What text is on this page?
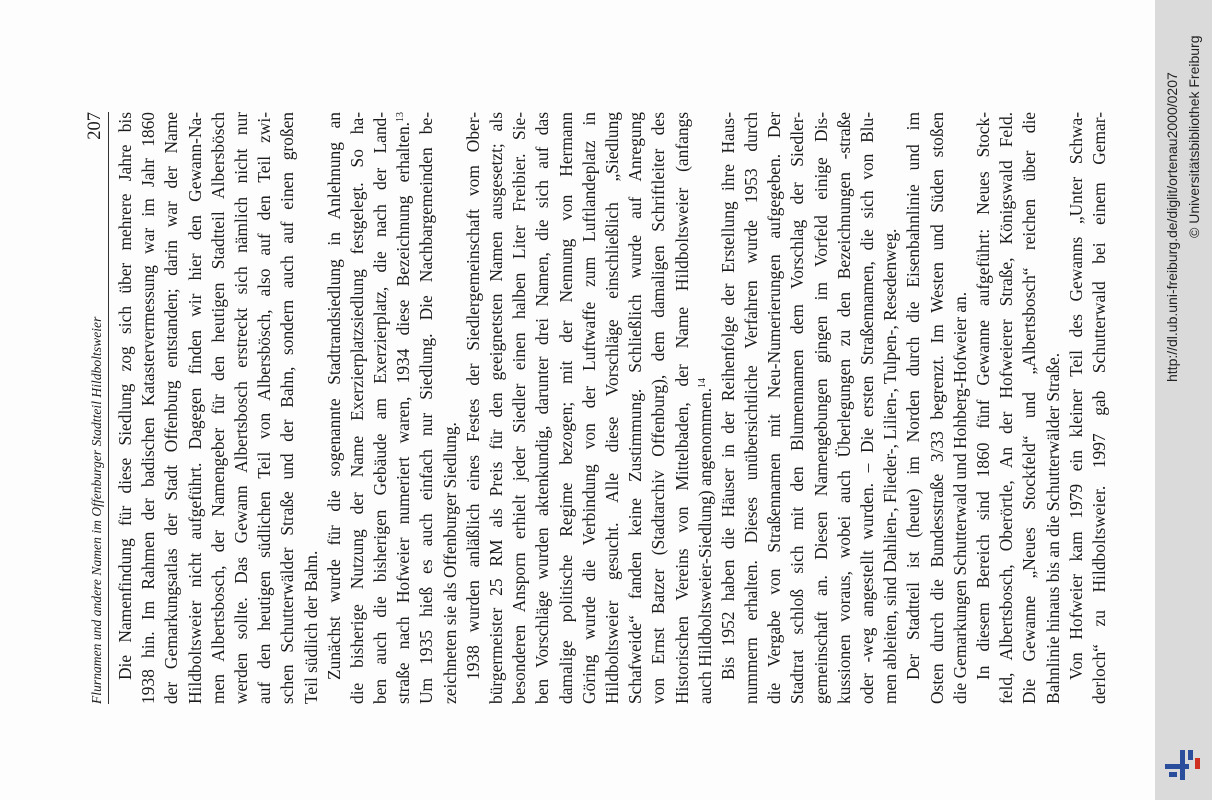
Flurnamen und andere Namen im Offenburger Stadtteil Hildboltsweier
207 Die Namenfindung für diese Siedlung zog sich über mehrere Jahre bis 1938 hin. Im Rahmen der badischen Katastervermessung war im Jahr 1860 der Gemarkungsatlas der Stadt Offenburg entstanden; darin war der Name Hildboltsweier nicht aufgeführt. Dagegen finden wir hier den Gewann-Na- men Albertsbosch, der Namengeber für den heutigen Stadtteil Albersbösch werden sollte. Das Gewann Albertsbosch erstreckt sich nämlich nicht nur auf den heutigen südlichen Teil von Albersbösch, also auf den Teil zwi- schen Schutterwälder Straße und der Bahn, sondern auch auf einen großen Teil südlich der Bahn. Zunächst wurde für die sogenannte Stadtrandsiedlung in Anlehnung an die bisherige Nutzung der Name Exerzierplatzsiedlung festgelegt. So ha- ben auch die bisherigen Gebäude am Exerzierplatz, die nach der Land- straße nach Hofweier numeriert waren, 1934 diese Bezeichnung erhalten.$^{13}$ Um 1935 hieß es auch einfach nur Siedlung. Die Nachbargemeinden be- zeichneten sie als Offenburger Siedlung. 1938 wurden anläßlich eines Festes der Siedlergemeinschaft vom Ober- bürgermeister 25 RM als Preis für den geeignetsten Namen ausgesetzt; als besonderen Ansporn erhielt jeder Siedler einen halben Liter Freibier. Sie- ben Vorschläge wurden aktenkundig, darunter drei Namen, die sich auf das damalige politische Regime bezogen; mit der Nennung von Hermann Göring wurde die Verbindung von der Luftwaffe zum Luftlandeplatz in Hildboltsweier gesucht. Alle diese Vorschläge einschließlich „Siedlung Schafweide“ fanden keine Zustimmung. Schließlich wurde auf Anregung von Ernst Batzer (Stadtarchiv Offenburg), dem damaligen Schriftleiter des Historischen Vereins von Mittelbaden, der Name Hildboltsweier (anfangs auch Hildboltsweier-Siedlung) angenommen.$^{14}$ Bis 1952 haben die Häuser in der Reihenfolge der Erstellung ihre Haus- nummern erhalten. Dieses unübersichtliche Verfahren wurde 1953 durch die Vergabe von Straßennamen mit Neu-Numerierungen aufgegeben. Der Stadtrat schloß sich mit den Blumennamen dem Vorschlag der Siedler- gemeinschaft an. Diesen Namengebungen gingen im Vorfeld einige Dis- kussionen voraus, wobei auch Überlegungen zu den Bezeichnungen -straße oder -weg angestellt wurden. – Die ersten Straßennamen, die sich von Blu- men ableiten, sind Dahlien-, Flieder-, Lilien-, Tulpen-, Resedenweg. Der Stadtteil ist (heute) im Norden durch die Eisenbahnlinie und im Osten durch die Bundesstraße 3/33 begrenzt. Im Westen und Süden stoßen die Gemarkungen Schutterwald und Hohberg-Hofweier an. In diesem Bereich sind 1860 fünf Gewanne aufgeführt: Neues Stock- feld, Albertsbosch, Oberörtle, An der Hofweierer Straße, Königswald Feld. Die Gewanne „Neues Stockfeld“ und „Albertsbosch“ reichen über die Bahnlinie hinaus bis an die Schutterwälder Straße. Von Hofweier kam 1979 ein kleiner Teil des Gewanns „Unter Schwa- derloch“ zu Hildboltsweier. 1997 gab Schutterwald bei einem Gemar-	http://dl.ub.uni-freiburg.de/diglit/ortenau2000/0207 © Universitätsbibliothek Freiburg
